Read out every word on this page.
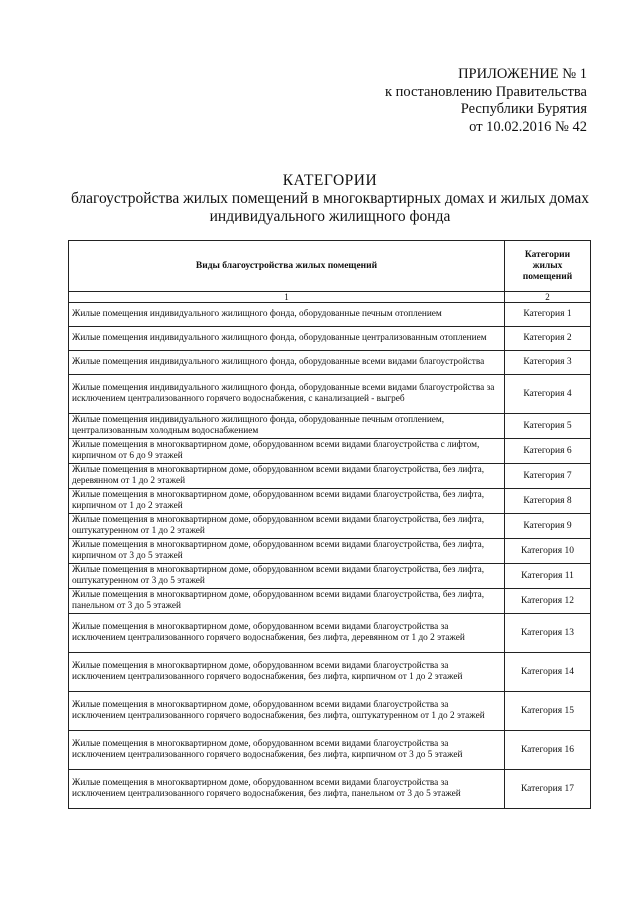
ПРИЛОЖЕНИЕ № 1
к постановлению Правительства
Республики Бурятия
от 10.02.2016 № 42
КАТЕГОРИИ
благоустройства жилых помещений в многоквартирных домах и жилых домах
индивидуального жилищного фонда
Виды благоустройства жилых помещений	Категории жилых помещений
1	2
Жилые помещения индивидуального жилищного фонда, оборудованные печным отоплением	Категория 1
Жилые помещения индивидуального жилищного фонда, оборудованные централизованным отоплением	Категория 2
Жилые помещения индивидуального жилищного фонда, оборудованные всеми видами благоустройства	Категория 3
Жилые помещения индивидуального жилищного фонда, оборудованные всеми видами благоустройства за исключением централизованного горячего водоснабжения, с канализацией - выгреб	Категория 4
Жилые помещения индивидуального жилищного фонда, оборудованные печным отоплением, централизованным холодным водоснабжением	Категория 5
Жилые помещения в многоквартирном доме, оборудованном всеми видами благоустройства с лифтом, кирпичном от 6 до 9 этажей	Категория 6
Жилые помещения в многоквартирном доме, оборудованном всеми видами благоустройства, без лифта, деревянном от 1 до 2 этажей	Категория 7
Жилые помещения в многоквартирном доме, оборудованном всеми видами благоустройства, без лифта, кирпичном от 1 до 2 этажей	Категория 8
Жилые помещения в многоквартирном доме, оборудованном всеми видами благоустройства, без лифта, оштукатуренном от 1 до 2 этажей	Категория 9
Жилые помещения в многоквартирном доме, оборудованном всеми видами благоустройства, без лифта, кирпичном от 3 до 5 этажей	Категория 10
Жилые помещения в многоквартирном доме, оборудованном всеми видами благоустройства, без лифта, оштукатуренном от 3 до 5 этажей	Категория 11
Жилые помещения в многоквартирном доме, оборудованном всеми видами благоустройства, без лифта, панельном от 3 до 5 этажей	Категория 12
Жилые помещения в многоквартирном доме, оборудованном всеми видами благоустройства за исключением централизованного горячего водоснабжения, без лифта, деревянном от 1 до 2 этажей	Категория 13
Жилые помещения в многоквартирном доме, оборудованном всеми видами благоустройства за исключением централизованного горячего водоснабжения, без лифта, кирпичном от 1 до 2 этажей	Категория 14
Жилые помещения в многоквартирном доме, оборудованном всеми видами благоустройства за исключением централизованного горячего водоснабжения, без лифта, оштукатуренном от 1 до 2 этажей	Категория 15
Жилые помещения в многоквартирном доме, оборудованном всеми видами благоустройства за исключением централизованного горячего водоснабжения, без лифта, кирпичном от 3 до 5 этажей	Категория 16
Жилые помещения в многоквартирном доме, оборудованном всеми видами благоустройства за исключением централизованного горячего водоснабжения, без лифта, панельном от 3 до 5 этажей	Категория 17
